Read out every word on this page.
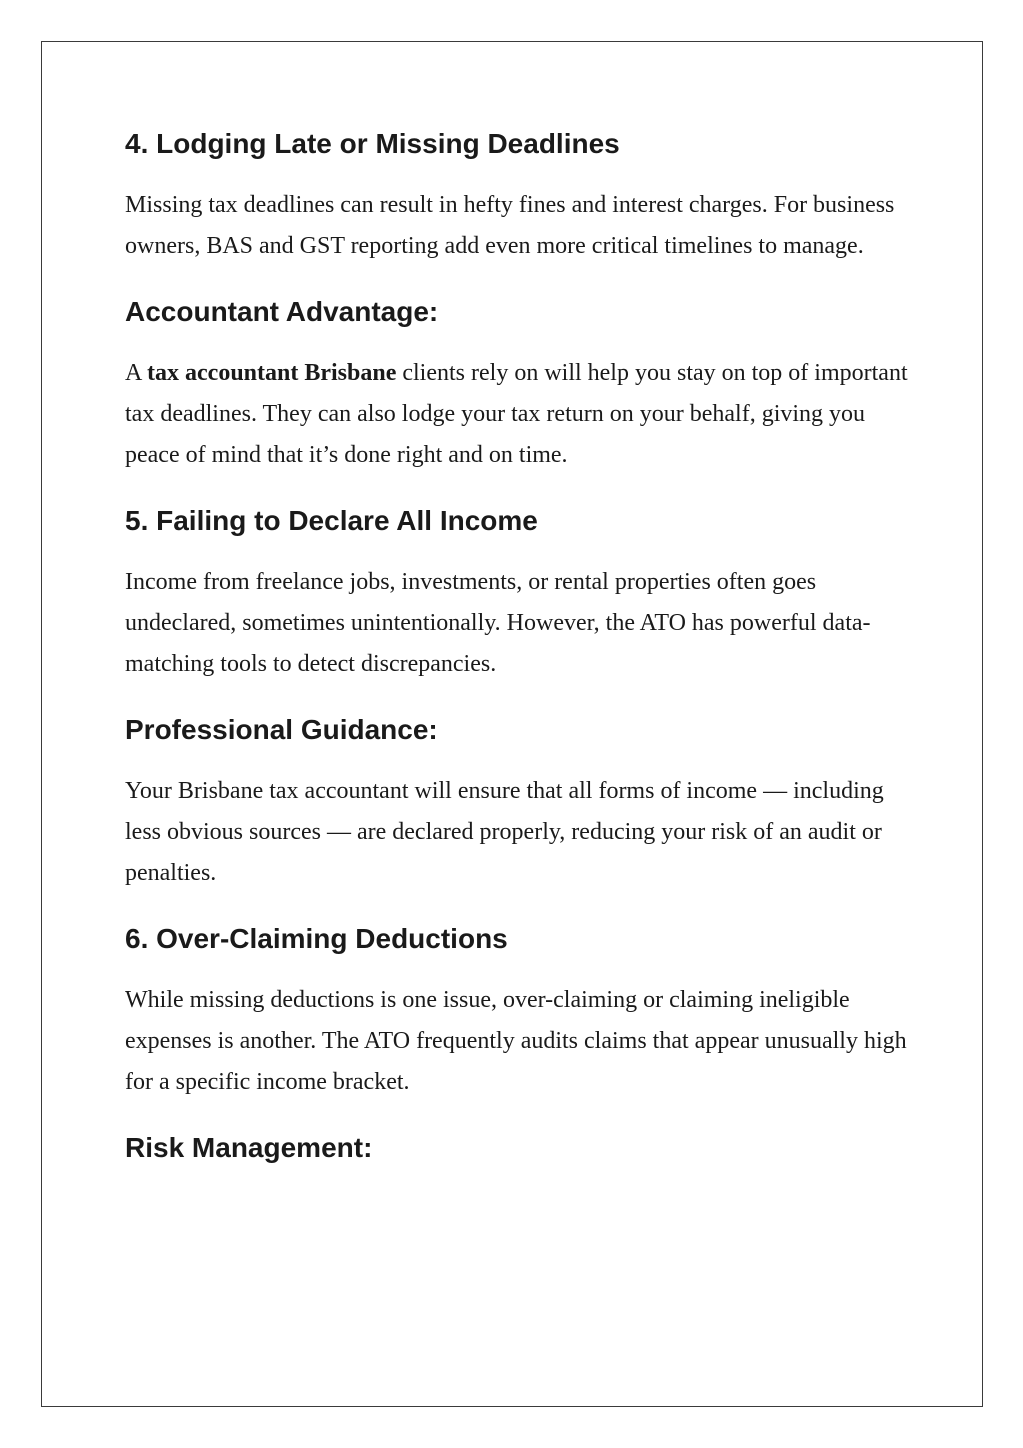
4. Lodging Late or Missing Deadlines

Missing tax deadlines can result in hefty fines and interest charges. For business owners, BAS and GST reporting add even more critical timelines to manage.

Accountant Advantage:

A tax accountant Brisbane clients rely on will help you stay on top of important tax deadlines. They can also lodge your tax return on your behalf, giving you peace of mind that it’s done right and on time.

5. Failing to Declare All Income

Income from freelance jobs, investments, or rental properties often goes undeclared, sometimes unintentionally. However, the ATO has powerful data-matching tools to detect discrepancies.

Professional Guidance:

Your Brisbane tax accountant will ensure that all forms of income — including less obvious sources — are declared properly, reducing your risk of an audit or penalties.

6. Over-Claiming Deductions

While missing deductions is one issue, over-claiming or claiming ineligible expenses is another. The ATO frequently audits claims that appear unusually high for a specific income bracket.

Risk Management:
